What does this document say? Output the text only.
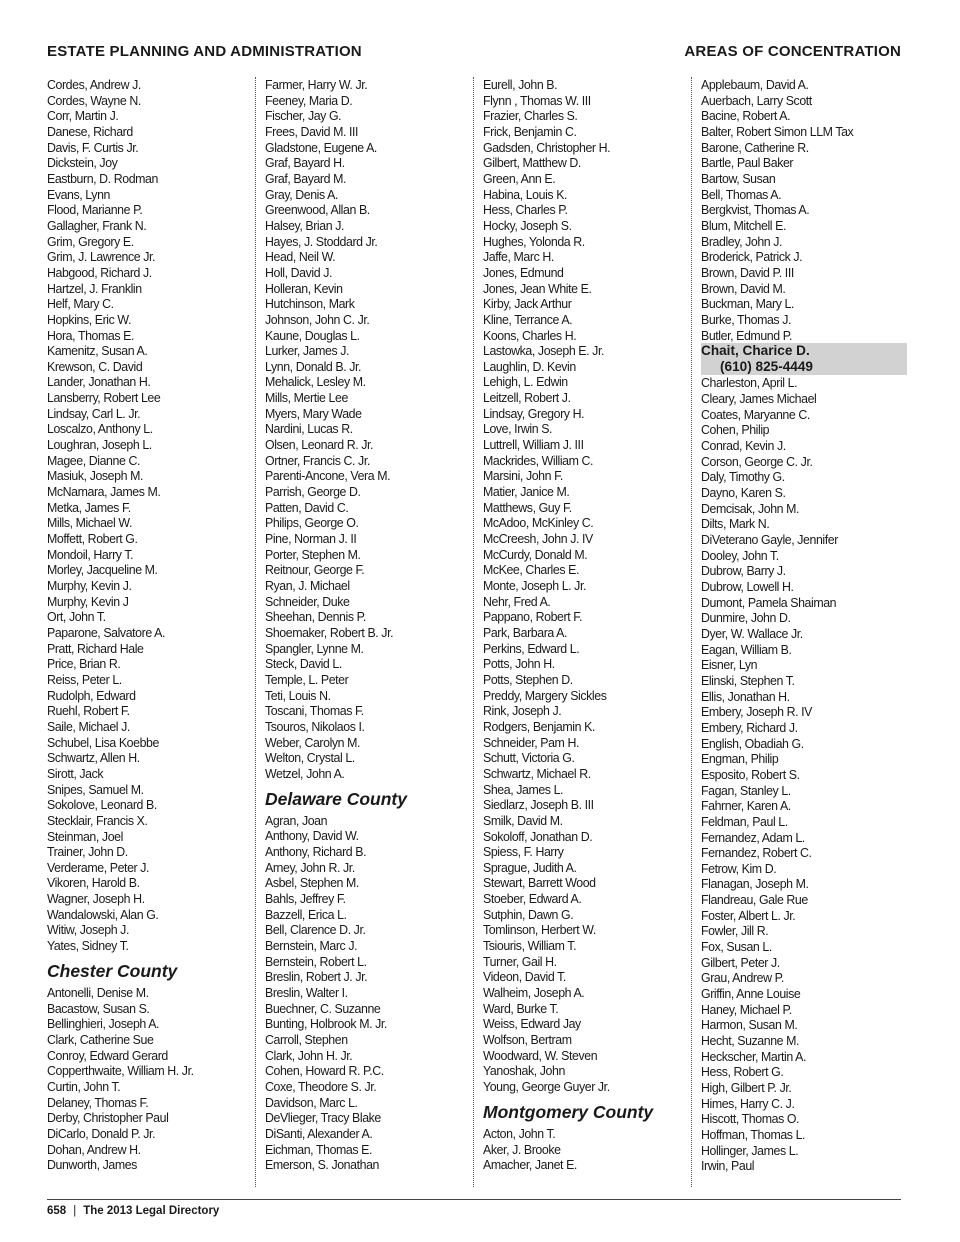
ESTATE PLANNING AND ADMINISTRATION	AREAS OF CONCENTRATION
Cordes, Andrew J.
Cordes, Wayne N.
Corr, Martin J.
Danese, Richard
Davis, F. Curtis Jr.
Dickstein, Joy
Eastburn, D. Rodman
Evans, Lynn
Flood, Marianne P.
Gallagher, Frank N.
Grim, Gregory E.
Grim, J. Lawrence Jr.
Habgood, Richard J.
Hartzel, J. Franklin
Helf, Mary C.
Hopkins, Eric W.
Hora, Thomas E.
Kamenitz, Susan A.
Krewson, C. David
Lander, Jonathan H.
Lansberry, Robert Lee
Lindsay, Carl L. Jr.
Loscalzo, Anthony L.
Loughran, Joseph L.
Magee, Dianne C.
Masiuk, Joseph M.
McNamara, James M.
Metka, James F.
Mills, Michael W.
Moffett, Robert G.
Mondoil, Harry T.
Morley, Jacqueline M.
Murphy, Kevin J.
Murphy, Kevin J
Ort, John T.
Paparone, Salvatore A.
Pratt, Richard Hale
Price, Brian R.
Reiss, Peter L.
Rudolph, Edward
Ruehl, Robert F.
Saile, Michael J.
Schubel, Lisa Koebbe
Schwartz, Allen H.
Sirott, Jack
Snipes, Samuel M.
Sokolove, Leonard B.
Stecklair, Francis X.
Steinman, Joel
Trainer, John D.
Verderame, Peter J.
Vikoren, Harold B.
Wagner, Joseph H.
Wandalowski, Alan G.
Witiw, Joseph J.
Yates, Sidney T.
Chester County
Antonelli, Denise M.
Bacastow, Susan S.
Bellinghieri, Joseph A.
Clark, Catherine Sue
Conroy, Edward Gerard
Copperthwaite, William H. Jr.
Curtin, John T.
Delaney, Thomas F.
Derby, Christopher Paul
DiCarlo, Donald P. Jr.
Dohan, Andrew H.
Dunworth, James
Farmer, Harry W. Jr.
Feeney, Maria D.
Fischer, Jay G.
Frees, David M. III
Gladstone, Eugene A.
Graf, Bayard H.
Graf, Bayard M.
Gray, Denis A.
Greenwood, Allan B.
Halsey, Brian J.
Hayes, J. Stoddard Jr.
Head, Neil W.
Holl, David J.
Holleran, Kevin
Hutchinson, Mark
Johnson, John C. Jr.
Kaune, Douglas L.
Lurker, James J.
Lynn, Donald B. Jr.
Mehalick, Lesley M.
Mills, Mertie Lee
Myers, Mary Wade
Nardini, Lucas R.
Olsen, Leonard R. Jr.
Ortner, Francis C. Jr.
Parenti-Ancone, Vera M.
Parrish, George D.
Patten, David C.
Philips, George O.
Pine, Norman J. II
Porter, Stephen M.
Reitnour, George F.
Ryan, J. Michael
Schneider, Duke
Sheehan, Dennis P.
Shoemaker, Robert B. Jr.
Spangler, Lynne M.
Steck, David L.
Temple, L. Peter
Teti, Louis N.
Toscani, Thomas F.
Tsouros, Nikolaos I.
Weber, Carolyn M.
Welton, Crystal L.
Wetzel, John A.
Delaware County
Agran, Joan
Anthony, David W.
Anthony, Richard B.
Arney, John R. Jr.
Asbel, Stephen M.
Bahls, Jeffrey F.
Bazzell, Erica L.
Bell, Clarence D. Jr.
Bernstein, Marc J.
Bernstein, Robert L.
Breslin, Robert J. Jr.
Breslin, Walter I.
Buechner, C. Suzanne
Bunting, Holbrook M. Jr.
Carroll, Stephen
Clark, John H. Jr.
Cohen, Howard R. P.C.
Coxe, Theodore S. Jr.
Davidson, Marc L.
DeVlieger, Tracy Blake
DiSanti, Alexander A.
Eichman, Thomas E.
Emerson, S. Jonathan
Eurell, John B.
Flynn , Thomas W. III
Frazier, Charles S.
Frick, Benjamin C.
Gadsden, Christopher H.
Gilbert, Matthew D.
Green, Ann E.
Habina, Louis K.
Hess, Charles P.
Hocky, Joseph S.
Hughes, Yolonda R.
Jaffe, Marc H.
Jones, Edmund
Jones, Jean White E.
Kirby, Jack Arthur
Kline, Terrance A.
Koons, Charles H.
Lastowka, Joseph E. Jr.
Laughlin, D. Kevin
Lehigh, L. Edwin
Leitzell, Robert J.
Lindsay, Gregory H.
Love, Irwin S.
Luttrell, William J. III
Mackrides, William C.
Marsini, John F.
Matier, Janice M.
Matthews, Guy F.
McAdoo, McKinley C.
McCreesh, John J. IV
McCurdy, Donald M.
McKee, Charles E.
Monte, Joseph L. Jr.
Nehr, Fred A.
Pappano, Robert F.
Park, Barbara A.
Perkins, Edward L.
Potts, John H.
Potts, Stephen D.
Preddy, Margery Sickles
Rink, Joseph J.
Rodgers, Benjamin K.
Schneider, Pam H.
Schutt, Victoria G.
Schwartz, Michael R.
Shea, James L.
Siedlarz, Joseph B. III
Smilk, David M.
Sokoloff, Jonathan D.
Spiess, F. Harry
Sprague, Judith A.
Stewart, Barrett Wood
Stoeber, Edward A.
Sutphin, Dawn G.
Tomlinson, Herbert W.
Tsiouris, William T.
Turner, Gail H.
Videon, David T.
Walheim, Joseph A.
Ward, Burke T.
Weiss, Edward Jay
Wolfson, Bertram
Woodward, W. Steven
Yanoshak, John
Young, George Guyer Jr.
Montgomery County
Acton, John T.
Aker, J. Brooke
Amacher, Janet E.
Applebaum, David A.
Auerbach, Larry Scott
Bacine, Robert A.
Balter, Robert Simon LLM Tax
Barone, Catherine R.
Bartle, Paul Baker
Bartow, Susan
Bell, Thomas A.
Bergkvist, Thomas A.
Blum, Mitchell E.
Bradley, John J.
Broderick, Patrick J.
Brown, David P. III
Brown, David M.
Buckman, Mary L.
Burke, Thomas J.
Butler, Edmund P.
Chait, Charice D.
(610) 825-4449
Charleston, April L.
Cleary, James Michael
Coates, Maryanne C.
Cohen, Philip
Conrad, Kevin J.
Corson, George C. Jr.
Daly, Timothy G.
Dayno, Karen S.
Demcisak, John M.
Dilts, Mark N.
DiVeterano Gayle, Jennifer
Dooley, John T.
Dubrow, Barry J.
Dubrow, Lowell H.
Dumont, Pamela Shaiman
Dunmire, John D.
Dyer, W. Wallace Jr.
Eagan, William B.
Eisner, Lyn
Elinski, Stephen T.
Ellis, Jonathan H.
Embery, Joseph R. IV
Embery, Richard J.
English, Obadiah G.
Engman, Philip
Esposito, Robert S.
Fagan, Stanley L.
Fahrner, Karen A.
Feldman, Paul L.
Fernandez, Adam L.
Fernandez, Robert C.
Fetrow, Kim D.
Flanagan, Joseph M.
Flandreau, Gale Rue
Foster, Albert L. Jr.
Fowler, Jill R.
Fox, Susan L.
Gilbert, Peter J.
Grau, Andrew P.
Griffin, Anne Louise
Haney, Michael P.
Harmon, Susan M.
Hecht, Suzanne M.
Heckscher, Martin A.
Hess, Robert G.
High, Gilbert P. Jr.
Himes, Harry C. J.
Hiscott, Thomas O.
Hoffman, Thomas L.
Hollinger, James L.
Irwin, Paul
658 | The 2013 Legal Directory
